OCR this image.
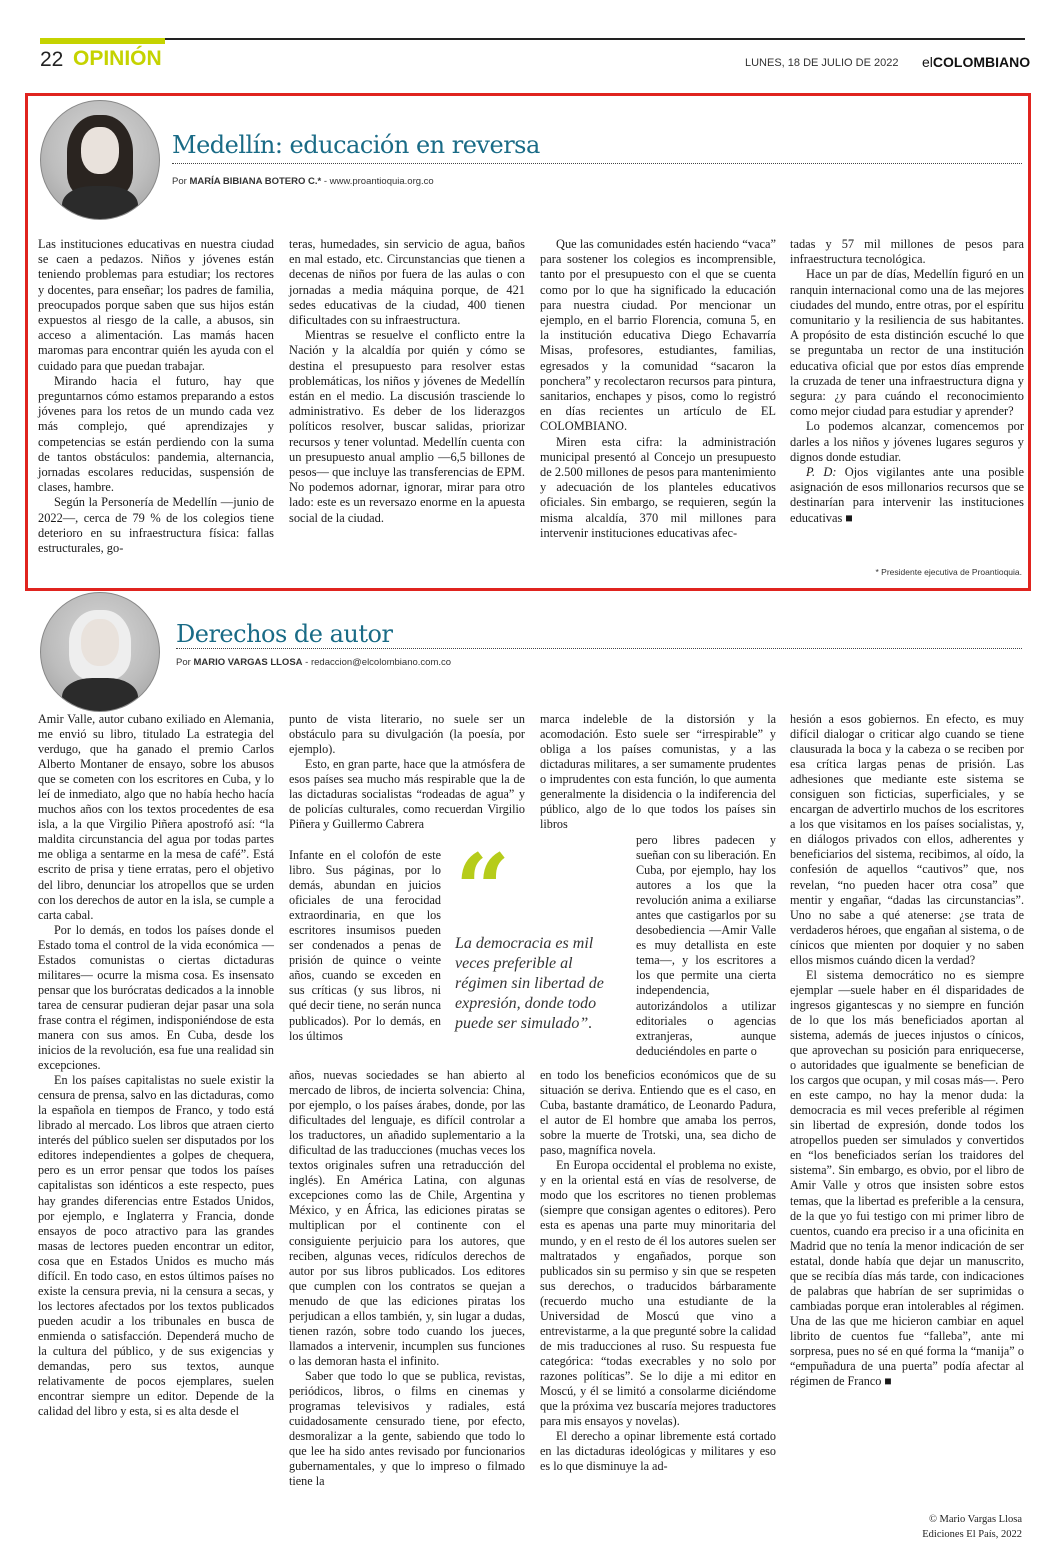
22 OPINIÓN	LUNES, 18 DE JULIO DE 2022 elCOLOMBIANO
Medellín: educación en reversa
Por MARÍA BIBIANA BOTERO C.* - www.proantioquia.org.co

Las instituciones educativas en nuestra ciudad se caen a pedazos. Niños y jóvenes están teniendo problemas para estudiar; los rectores y docentes, para enseñar; los padres de familia, preocupados porque saben que sus hijos están expuestos al riesgo de la calle, a abusos, sin acceso a alimentación. Las mamás hacen maromas para encontrar quién les ayuda con el cuidado para que puedan trabajar.

Mirando hacia el futuro, hay que preguntarnos cómo estamos preparando a estos jóvenes para los retos de un mundo cada vez más complejo, qué aprendizajes y competencias se están perdiendo con la suma de tantos obstáculos: pandemia, alternancia, jornadas escolares reducidas, suspensión de clases, hambre.

Según la Personería de Medellín —junio de 2022—, cerca de 79 % de los colegios tiene deterioro en su infraestructura física: fallas estructurales, go-

teras, humedades, sin servicio de agua, baños en mal estado, etc. Circunstancias que tienen a decenas de niños por fuera de las aulas o con jornadas a media máquina porque, de 421 sedes educativas de la ciudad, 400 tienen dificultades con su infraestructura.

Mientras se resuelve el conflicto entre la Nación y la alcaldía por quién y cómo se destina el presupuesto para resolver estas problemáticas, los niños y jóvenes de Medellín están en el medio. La discusión trasciende lo administrativo. Es deber de los liderazgos políticos resolver, buscar salidas, priorizar recursos y tener voluntad. Medellín cuenta con un presupuesto anual amplio —6,5 billones de pesos— que incluye las transferencias de EPM. No podemos adornar, ignorar, mirar para otro lado: este es un reversazo enorme en la apuesta social de la ciudad.

Que las comunidades estén haciendo “vaca” para sostener los colegios es incomprensible, tanto por el presupuesto con el que se cuenta como por lo que ha significado la educación para nuestra ciudad. Por mencionar un ejemplo, en el barrio Florencia, comuna 5, en la institución educativa Diego Echavarría Misas, profesores, estudiantes, familias, egresados y la comunidad “sacaron la ponchera” y recolectaron recursos para pintura, sanitarios, enchapes y pisos, como lo registró en días recientes un artículo de EL COLOMBIANO.

Miren esta cifra: la administración municipal presentó al Concejo un presupuesto de 2.500 millones de pesos para mantenimiento y adecuación de los planteles educativos oficiales. Sin embargo, se requieren, según la misma alcaldía, 370 mil millones para intervenir instituciones educativas afec-

tadas y 57 mil millones de pesos para infraestructura tecnológica.

Hace un par de días, Medellín figuró en un ranquin internacional como una de las mejores ciudades del mundo, entre otras, por el espíritu comunitario y la resiliencia de sus habitantes. A propósito de esta distinción escuché lo que se preguntaba un rector de una institución educativa oficial que por estos días emprende la cruzada de tener una infraestructura digna y segura: ¿y para cuándo el reconocimiento como mejor ciudad para estudiar y aprender?

Lo podemos alcanzar, comencemos por darles a los niños y jóvenes lugares seguros y dignos donde estudiar.

P. D: Ojos vigilantes ante una posible asignación de esos millonarios recursos que se destinarían para intervenir las instituciones educativas ■

* Presidente ejecutiva de Proantioquia.
Derechos de autor
Por MARIO VARGAS LLOSA - redaccion@elcolombiano.com.co

Amir Valle, autor cubano exiliado en Alemania, me envió su libro, titulado La estrategia del verdugo, que ha ganado el premio Carlos Alberto Montaner de ensayo, sobre los abusos que se cometen con los escritores en Cuba, y lo leí de inmediato, algo que no había hecho hacía muchos años con los textos procedentes de esa isla, a la que Virgilio Piñera apostrofó así: “la maldita circunstancia del agua por todas partes me obliga a sentarme en la mesa de café”. Está escrito de prisa y tiene erratas, pero el objetivo del libro, denunciar los atropellos que se urden con los derechos de autor en la isla, se cumple a carta cabal.

Por lo demás, en todos los países donde el Estado toma el control de la vida económica —Estados comunistas o ciertas dictaduras militares— ocurre la misma cosa. Es insensato pensar que los burócratas dedicados a la innoble tarea de censurar pudieran dejar pasar una sola frase contra el régimen, indisponiéndose de esta manera con sus amos. En Cuba, desde los inicios de la revolución, esa fue una realidad sin excepciones.

En los países capitalistas no suele existir la censura de prensa, salvo en las dictaduras, como la española en tiempos de Franco, y todo está librado al mercado. Los libros que atraen cierto interés del público suelen ser disputados por los editores independientes a golpes de chequera, pero es un error pensar que todos los países capitalistas son idénticos a este respecto, pues hay grandes diferencias entre Estados Unidos, por ejemplo, e Inglaterra y Francia, donde ensayos de poco atractivo para las grandes masas de lectores pueden encontrar un editor, cosa que en Estados Unidos es mucho más difícil. En todo caso, en estos últimos países no existe la censura previa, ni la censura a secas, y los lectores afectados por los textos publicados pueden acudir a los tribunales en busca de enmienda o satisfacción. Dependerá mucho de la cultura del público, y de sus exigencias y demandas, pero sus textos, aunque relativamente de pocos ejemplares, suelen encontrar siempre un editor. Depende de la calidad del libro y esta, si es alta desde el

punto de vista literario, no suele ser un obstáculo para su divulgación (la poesía, por ejemplo).

Esto, en gran parte, hace que la atmósfera de esos países sea mucho más respirable que la de las dictaduras socialistas “rodeadas de agua” y de policías culturales, como recuerdan Virgilio Piñera y Guillermo Cabrera

Infante en el colofón de este libro. Sus páginas, por lo demás, abundan en juicios oficiales de una ferocidad extraordinaria, en que los escritores insumisos pueden ser condenados a penas de prisión de quince o veinte años, cuando se exceden en sus críticas (y sus libros, ni qué decir tiene, no serán nunca publicados). Por lo demás, en los últimos

años, nuevas sociedades se han abierto al mercado de libros, de incierta solvencia: China, por ejemplo, o los países árabes, donde, por las dificultades del lenguaje, es difícil controlar a los traductores, un añadido suplementario a la dificultad de las traducciones (muchas veces los textos originales sufren una retraducción del inglés). En América Latina, con algunas excepciones como las de Chile, Argentina y México, y en África, las ediciones piratas se multiplican por el continente con el consiguiente perjuicio para los autores, que reciben, algunas veces, ridículos derechos de autor por sus libros publicados. Los editores que cumplen con los contratos se quejan a menudo de que las ediciones piratas los perjudican a ellos también, y, sin lugar a dudas, tienen razón, sobre todo cuando los jueces, llamados a intervenir, incumplen sus funciones o las demoran hasta el infinito.

Saber que todo lo que se publica, revistas, periódicos, libros, o films en cinemas y programas televisivos y radiales, está cuidadosamente censurado tiene, por efecto, desmoralizar a la gente, sabiendo que todo lo que lee ha sido antes revisado por funcionarios gubernamentales, y que lo impreso o filmado tiene la

“
La democracia es mil veces preferible al régimen sin libertad de expresión, donde todo puede ser simulado”.

marca indeleble de la distorsión y la acomodación. Esto suele ser “irrespirable” y obliga a los países comunistas, y a las dictaduras militares, a ser sumamente prudentes o imprudentes con esta función, lo que aumenta generalmente la disidencia o la indiferencia del público, algo de lo que todos los países sin libros

pero libres padecen y sueñan con su liberación. En Cuba, por ejemplo, hay los autores a los que la revolución anima a exiliarse antes que castigarlos por su desobediencia —Amir Valle es muy detallista en este tema—, y los escritores a los que permite una cierta independencia, autorizándolos a utilizar editoriales o agencias extranjeras, aunque deduciéndoles en parte o

en todo los beneficios económicos que de su situación se deriva. Entiendo que es el caso, en Cuba, bastante dramático, de Leonardo Padura, el autor de El hombre que amaba los perros, sobre la muerte de Trotski, una, sea dicho de paso, magnífica novela.

En Europa occidental el problema no existe, y en la oriental está en vías de resolverse, de modo que los escritores no tienen problemas (siempre que consigan agentes o editores). Pero esta es apenas una parte muy minoritaria del mundo, y en el resto de él los autores suelen ser maltratados y engañados, porque son publicados sin su permiso y sin que se respeten sus derechos, o traducidos bárbaramente (recuerdo mucho una estudiante de la Universidad de Moscú que vino a entrevistarme, a la que pregunté sobre la calidad de mis traducciones al ruso. Su respuesta fue categórica: “todas execrables y no solo por razones políticas”. Se lo dije a mi editor en Moscú, y él se limitó a consolarme diciéndome que la próxima vez buscaría mejores traductores para mis ensayos y novelas).

El derecho a opinar libremente está cortado en las dictaduras ideológicas y militares y eso es lo que disminuye la ad-

hesión a esos gobiernos. En efecto, es muy difícil dialogar o criticar algo cuando se tiene clausurada la boca y la cabeza o se reciben por esa crítica largas penas de prisión. Las adhesiones que mediante este sistema se consiguen son ficticias, superficiales, y se encargan de advertirlo muchos de los escritores a los que visitamos en los países socialistas, y, en diálogos privados con ellos, adherentes y beneficiarios del sistema, recibimos, al oído, la confesión de aquellos “cautivos” que, nos revelan, “no pueden hacer otra cosa” que mentir y engañar, “dadas las circunstancias”. Uno no sabe a qué atenerse: ¿se trata de verdaderos héroes, que engañan al sistema, o de cínicos que mienten por doquier y no saben ellos mismos cuándo dicen la verdad?

El sistema democrático no es siempre ejemplar —suele haber en él disparidades de ingresos gigantescas y no siempre en función de lo que los más beneficiados aportan al sistema, además de jueces injustos o cínicos, que aprovechan su posición para enriquecerse, o autoridades que igualmente se benefician de los cargos que ocupan, y mil cosas más—. Pero en este campo, no hay la menor duda: la democracia es mil veces preferible al régimen sin libertad de expresión, donde todos los atropellos pueden ser simulados y convertidos en “los beneficiados serían los traidores del sistema”. Sin embargo, es obvio, por el libro de Amir Valle y otros que insisten sobre estos temas, que la libertad es preferible a la censura, de la que yo fui testigo con mi primer libro de cuentos, cuando era preciso ir a una oficinita en Madrid que no tenía la menor indicación de ser estatal, donde había que dejar un manuscrito, que se recibía días más tarde, con indicaciones de palabras que habrían de ser suprimidas o cambiadas porque eran intolerables al régimen. Una de las que me hicieron cambiar en aquel librito de cuentos fue “falleba”, ante mi sorpresa, pues no sé en qué forma la “manija” o “empuñadura de una puerta” podía afectar al régimen de Franco ■

© Mario Vargas Llosa
Ediciones El País, 2022
